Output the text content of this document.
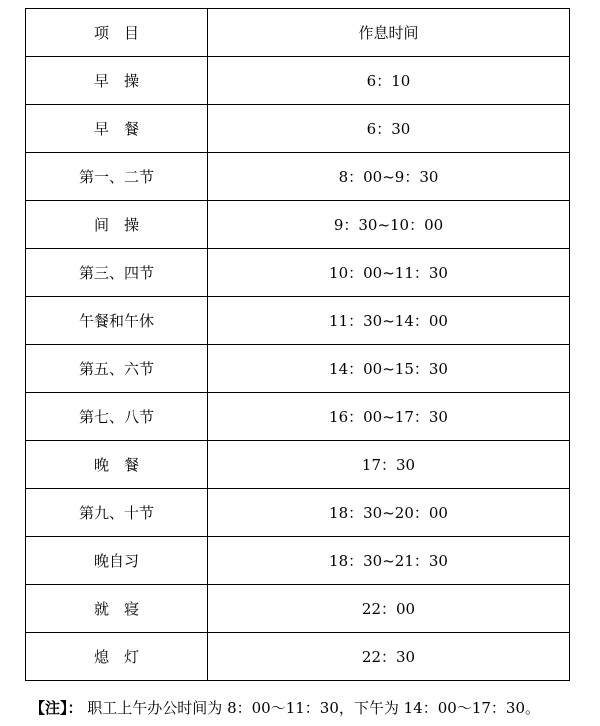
项　目	作息时间
早　操	6：10
早　餐	6：30
第一、二节	8：00~9：30
间　操	9：30~10：00
第三、四节	10：00~11：30
午餐和午休	11：30~14：00
第五、六节	14：00~15：30
第七、八节	16：00~17：30
晚　餐	17：30
第九、十节	18：30~20：00
晚自习	18：30~21：30
就　寝	22：00
熄　灯	22：30
【注】： 职工上午办公时间为 8：00～11：30，下午为 14：00～17：30。
